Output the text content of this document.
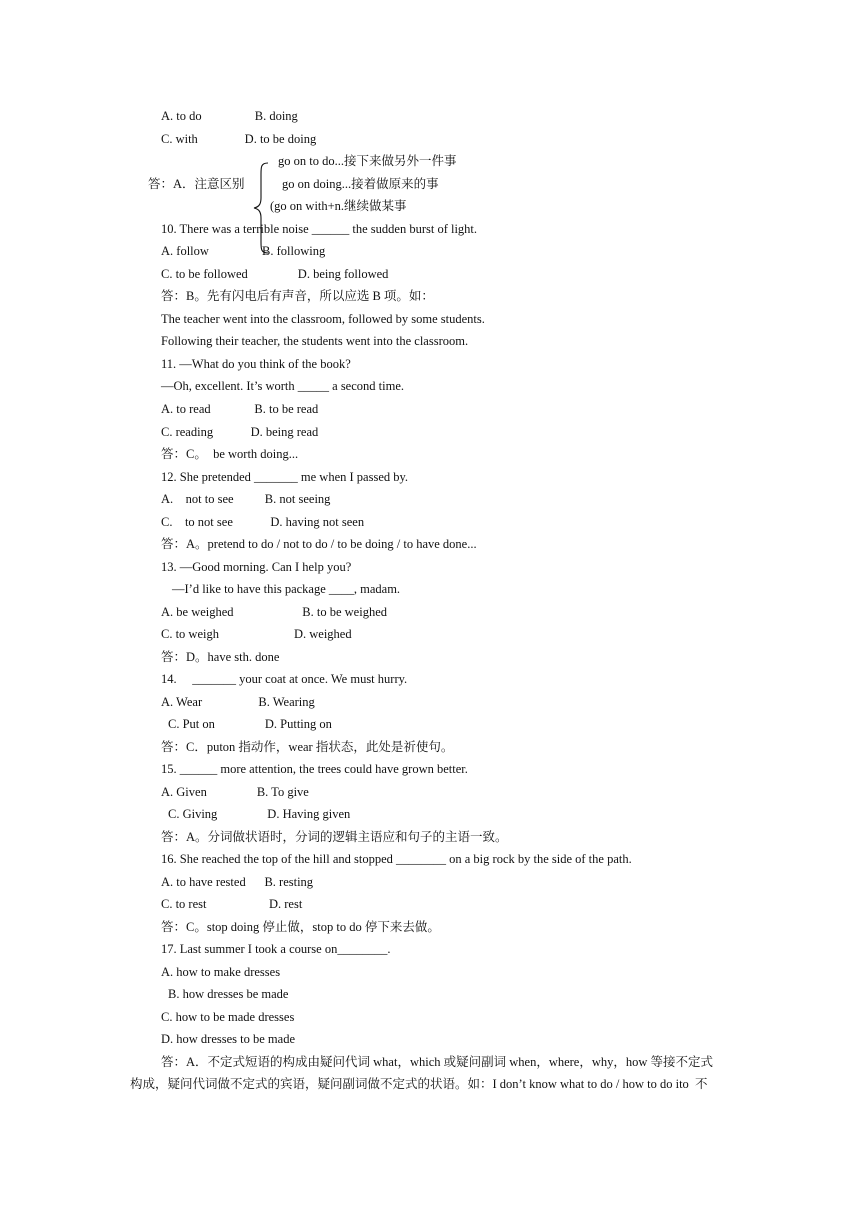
A. to do                 B. doing
C. with               D. to be doing
go on to do...接下来做另外一件事
答：A．注意区别	go on doing...接着做原来的事
(go on with+n.继续做某事
10. There was a terrible noise ______ the sudden burst of light.
A. follow	B. following
C. to be followed                D. being followed
答：B。先有闪电后有声音，所以应选 B 项。如：
The teacher went into the classroom, followed by some students.
Following their teacher, the students went into the classroom.
11. —What do you think of the book?
—Oh, excellent. It’s worth _____ a second time.
A. to read              B. to be read
C. reading            D. being read
答：C。  be worth doing...
12. She pretended _______ me when I passed by.
A.    not to see          B. not seeing
C.    to not see            D. having not seen
答：A。pretend to do / not to do / to be doing / to have done...
13. —Good morning. Can I help you?
—I’d like to have this package ____, madam.
A. be weighed                      B. to be weighed
C. to weigh                        D. weighed
答：D。have sth. done
14.     _______ your coat at once. We must hurry.
A. Wear                  B. Wearing
C. Put on                D. Putting on
答：C．puton 指动作，wear 指状态，此处是祈使句。
15. ______ more attention, the trees could have grown better.
A. Given                B. To give
C. Giving                D. Having given
答：A。分词做状语时，分词的逻辑主语应和句子的主语一致。
16. She reached the top of the hill and stopped ________ on a big rock by the side of the path.
A. to have rested      B. resting
C. to rest                    D. rest
答：C。stop doing 停止做，stop to do 停下来去做。
17. Last summer I took a course on________.
A. how to make dresses
B. how dresses be made
C. how to be made dresses
D. how dresses to be made
答：A．不定式短语的构成由疑问代词 what，which 或疑问副词 when，where，why，how 等接不定式
构成，疑问代词做不定式的宾语，疑问副词做不定式的状语。如：I don’t know what to do / how to do ito  不
